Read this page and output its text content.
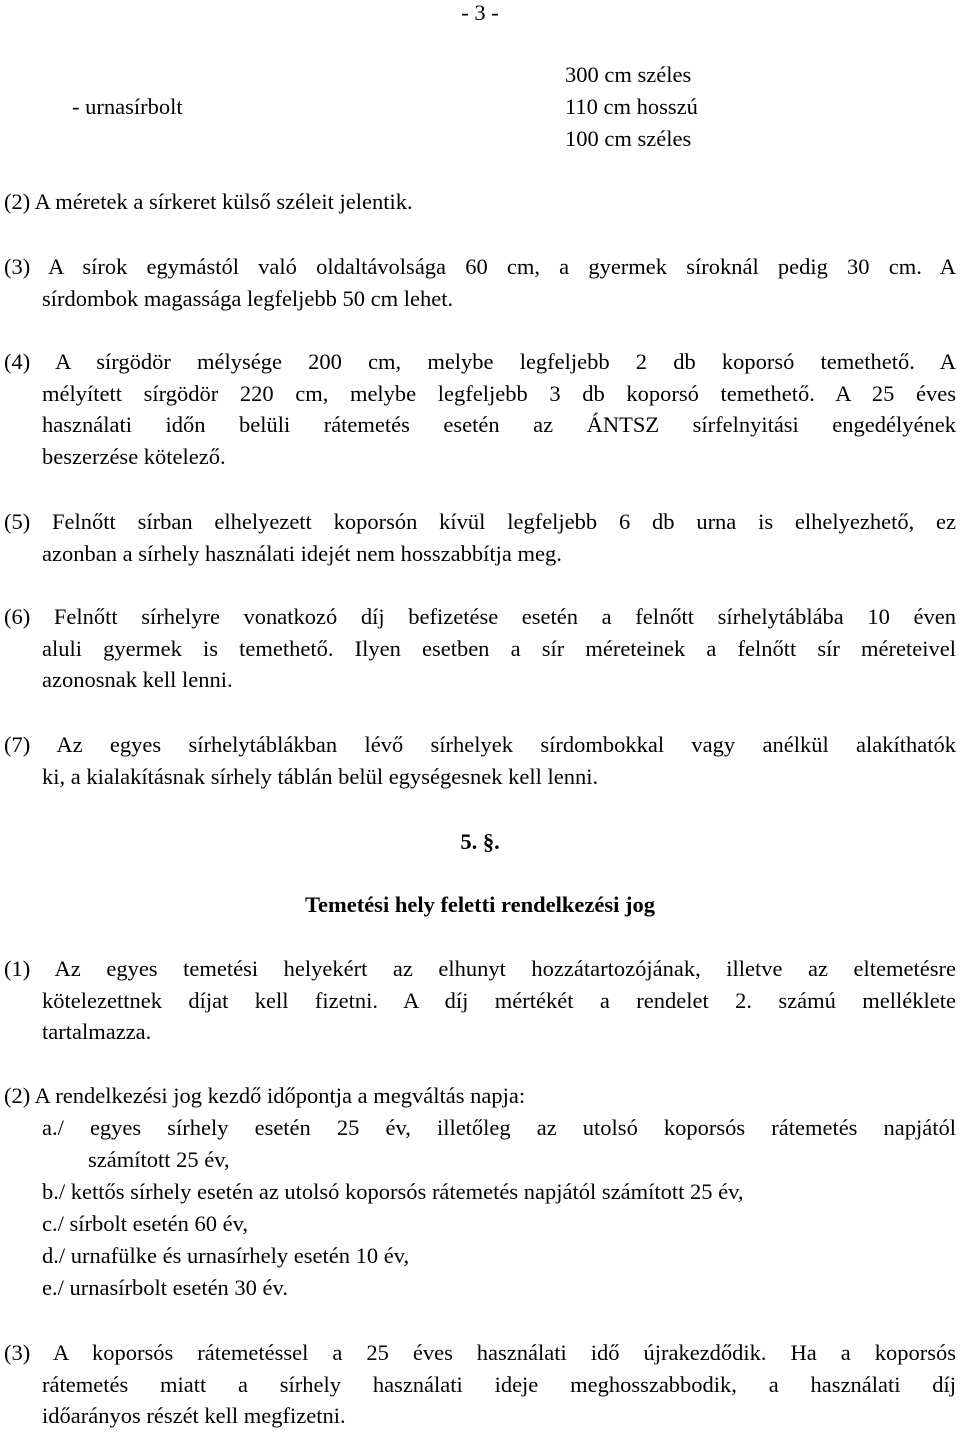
- 3 -
- urnasírbolt
300 cm széles
110 cm hosszú
100 cm széles
(2) A méretek a sírkeret külső széleit jelentik.
(3) A sírok egymástól való oldaltávolsága 60 cm, a gyermek síroknál pedig 30 cm. A
sírdombok magassága legfeljebb 50 cm lehet.
(4) A sírgödör mélysége 200 cm, melybe legfeljebb 2 db koporsó temethető. A
mélyített sírgödör 220 cm, melybe legfeljebb 3 db koporsó temethető. A 25 éves
használati időn belüli rátemetés esetén az ÁNTSZ sírfelnyitási engedélyének
beszerzése kötelező.
(5) Felnőtt sírban elhelyezett koporsón kívül legfeljebb 6 db urna is elhelyezhető, ez
azonban a sírhely használati idejét nem hosszabbítja meg.
(6) Felnőtt sírhelyre vonatkozó díj befizetése esetén a felnőtt sírhelytáblába 10 éven
aluli gyermek is temethető. Ilyen esetben a sír méreteinek a felnőtt sír méreteivel
azonosnak kell lenni.
(7) Az egyes sírhelytáblákban lévő sírhelyek sírdombokkal vagy anélkül alakíthatók
ki, a kialakításnak sírhely táblán belül egységesnek kell lenni.
5. §.
Temetési hely feletti rendelkezési jog
(1) Az egyes temetési helyekért az elhunyt hozzátartozójának, illetve az eltemetésre
kötelezettnek díjat kell fizetni. A díj mértékét a rendelet 2. számú melléklete
tartalmazza.
(2) A rendelkezési jog kezdő időpontja a megváltás napja:
a./ egyes sírhely esetén 25 év, illetőleg az utolsó koporsós rátemetés napjától
számított 25 év,
b./ kettős sírhely esetén az utolsó koporsós rátemetés napjától számított 25 év,
c./ sírbolt esetén 60 év,
d./ urnafülke és urnasírhely esetén 10 év,
e./ urnasírbolt esetén 30 év.
(3) A koporsós rátemetéssel a 25 éves használati idő újrakezdődik. Ha a koporsós
rátemetés miatt a sírhely használati ideje meghosszabbodik, a használati díj
időarányos részét kell megfizetni.
